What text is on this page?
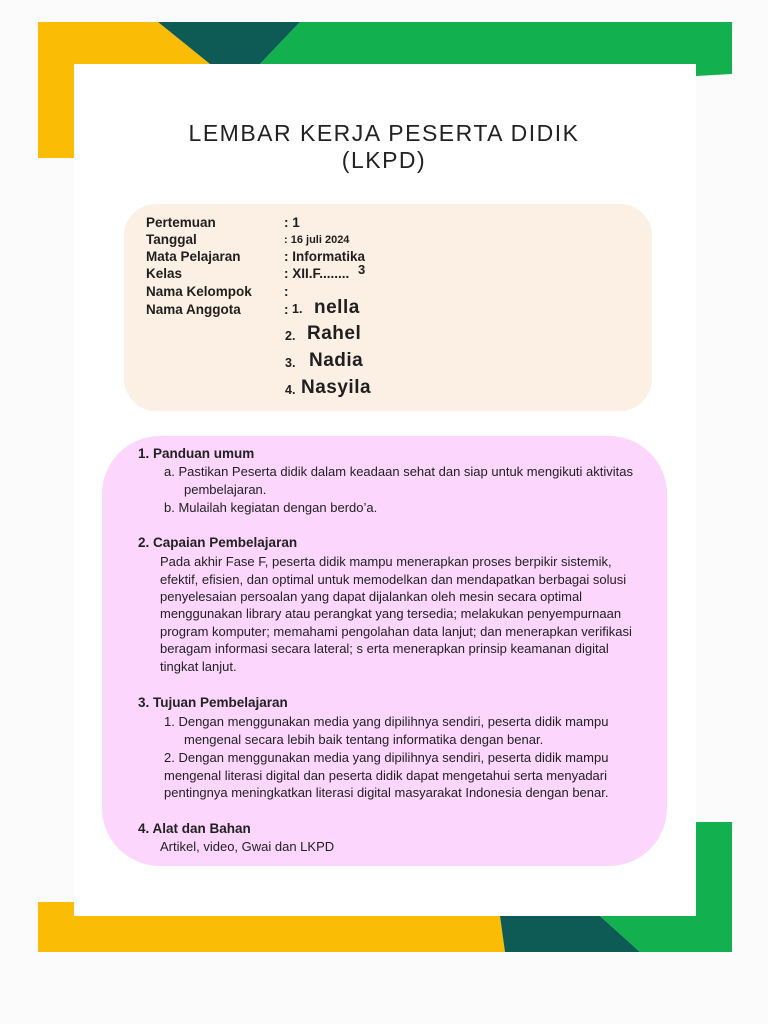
LEMBAR KERJA PESERTA DIDIK
(LKPD)
Pertemuan	: 1
Tanggal	: 16 juli 2024
Mata Pelajaran	: Informatika
Kelas	: XII.F........ 3
Nama Kelompok :
Nama Anggota	: 1. nella
2. Rahel
3. Nadia
4. Nasyila
1. Panduan umum
a. Pastikan Peserta didik dalam keadaan sehat dan siap untuk mengikuti aktivitas
pembelajaran.
b. Mulailah kegiatan dengan berdo’a.
2. Capaian Pembelajaran
Pada akhir Fase F, peserta didik mampu menerapkan proses berpikir sistemik,
efektif, efisien, dan optimal untuk memodelkan dan mendapatkan berbagai solusi
penyelesaian persoalan yang dapat dijalankan oleh mesin secara optimal
menggunakan library atau perangkat yang tersedia; melakukan penyempurnaan
program komputer; memahami pengolahan data lanjut; dan menerapkan verifikasi
beragam informasi secara lateral; s erta menerapkan prinsip keamanan digital
tingkat lanjut.
3. Tujuan Pembelajaran
1. Dengan menggunakan media yang dipilihnya sendiri, peserta didik mampu
mengenal secara lebih baik tentang informatika dengan benar.
2. Dengan menggunakan media yang dipilihnya sendiri, peserta didik mampu
mengenal literasi digital dan peserta didik dapat mengetahui serta menyadari
pentingnya meningkatkan literasi digital masyarakat Indonesia dengan benar.
4. Alat dan Bahan
Artikel, video, Gwai dan LKPD
